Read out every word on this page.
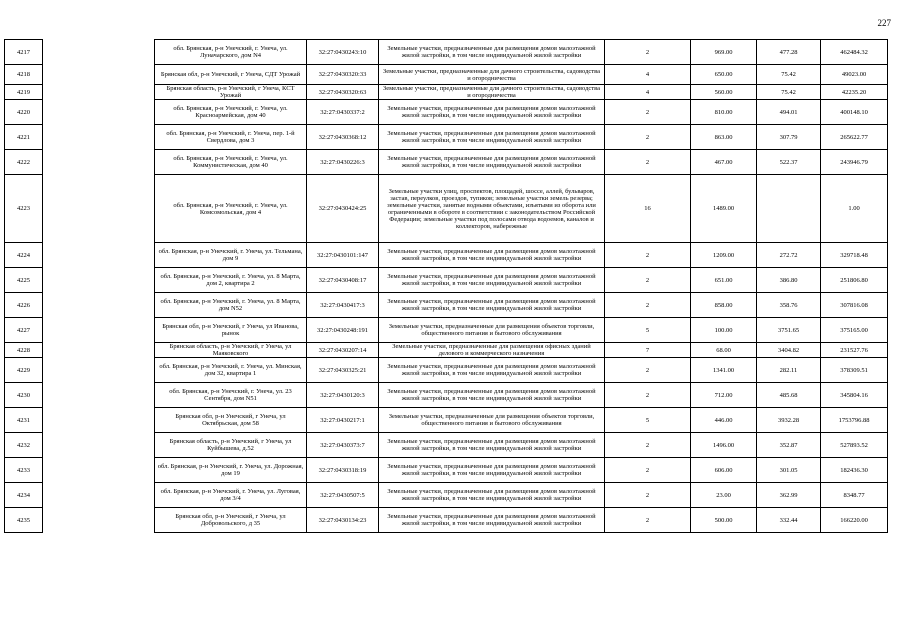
227
4217		обл. Брянская, р-н Унечский, г. Унеча, ул. Луначарского, дом N4	32:27:0430243:10	Земельные участки, предназначенные для размещения домов малоэтажной жилой застройки, в том числе индивидуальной жилой застройки	2	969.00	477.28	462484.32
4218		Брянская обл, р-н Унечский, г Унеча, СДТ Урожай	32:27:0430320:33	Земельные участки, предназначенные для дачного строительства, садоводства и огородничества	4	650.00	75.42	49023.00
4219		Брянская область, р-н Унечский, г Унеча, КСТ Урожай	32:27:0430320:63	Земельные участки, предназначенные для дачного строительства, садоводства и огородничества	4	560.00	75.42	42235.20
4220		обл. Брянская, р-н Унечский, г. Унеча, ул. Красноармейская, дом 40	32:27:0430337:2	Земельные участки, предназначенные для размещения домов малоэтажной жилой застройки, в том числе индивидуальной жилой застройки	2	810.00	494.01	400148.10
4221		обл. Брянская, р-н Унечский, г. Унеча, пер. 1-й Свердлова, дом 3	32:27:0430368:12	Земельные участки, предназначенные для размещения домов малоэтажной жилой застройки, в том числе индивидуальной жилой застройки	2	863.00	307.79	265622.77
4222		обл. Брянская, р-н Унечский, г. Унеча, ул. Коммунистическая, дом 40	32:27:0430226:3	Земельные участки, предназначенные для размещения домов малоэтажной жилой застройки, в том числе индивидуальной жилой застройки	2	467.00	522.37	243946.79
4223		обл. Брянская, р-н Унечский, г. Унеча, ул. Комсомольская, дом 4	32:27:0430424:25	Земельные участки улиц, проспектов, площадей, шоссе, аллей, бульваров, застав, переулков, проездов, тупиков; земельные участки земель резерва; земельные участки, занятые водными объектами, изъятыми из оборота или ограниченными в обороте в соответствии с законодательством Российской Федерации; земельные участки под полосами отвода водоемов, каналов и коллекторов, набережные	16	1489.00		1.00
4224		обл. Брянская, р-н Унечский, г. Унеча, ул. Тельмана, дом 9	32:27:0430101:147	Земельные участки, предназначенные для размещения домов малоэтажной жилой застройки, в том числе индивидуальной жилой застройки	2	1209.00	272.72	329718.48
4225		обл. Брянская, р-н Унечский, г. Унеча, ул. 8 Марта, дом 2, квартира 2	32:27:0430408:17	Земельные участки, предназначенные для размещения домов малоэтажной жилой застройки, в том числе индивидуальной жилой застройки	2	651.00	386.80	251806.80
4226		обл. Брянская, р-н Унечский, г. Унеча, ул. 8 Марта, дом N52	32:27:0430417:3	Земельные участки, предназначенные для размещения домов малоэтажной жилой застройки, в том числе индивидуальной жилой застройки	2	858.00	358.76	307816.08
4227		Брянская обл, р-н Унечский, г Унеча, ул Иванова, рынок	32:27:0430248:191	Земельные участки, предназначенные для размещения объектов торговли, общественного питания и бытового обслуживания	5	100.00	3751.65	375165.00
4228		Брянская область, р-н Унечский, г Унеча, ул Маяковского	32:27:0430207:14	Земельные участки, предназначенные для размещения офисных зданий делового и коммерческого назначения	7	68.00	3404.82	231527.76
4229		обл. Брянская, р-н Унечский, г. Унеча, ул. Минская, дом 32, квартира 1	32:27:0430325:21	Земельные участки, предназначенные для размещения домов малоэтажной жилой застройки, в том числе индивидуальной жилой застройки	2	1341.00	282.11	378309.51
4230		обл. Брянская, р-н Унечский, г. Унеча, ул. 23 Сентября, дом N51	32:27:0430120:3	Земельные участки, предназначенные для размещения домов малоэтажной жилой застройки, в том числе индивидуальной жилой застройки	2	712.00	485.68	345804.16
4231		Брянская обл, р-н Унечский, г Унеча, ул Октябрьская, дом 58	32:27:0430217:1	Земельные участки, предназначенные для размещения объектов торговли, общественного питания и бытового обслуживания	5	446.00	3932.28	1753796.88
4232		Брянская область, р-н Унечский, г Унеча, ул Куйбышева, д.52	32:27:0430373:7	Земельные участки, предназначенные для размещения домов малоэтажной жилой застройки, в том числе индивидуальной жилой застройки	2	1496.00	352.87	527893.52
4233		обл. Брянская, р-н Унечский, г. Унеча, ул. Дорожная, дом 19	32:27:0430318:19	Земельные участки, предназначенные для размещения домов малоэтажной жилой застройки, в том числе индивидуальной жилой застройки	2	606.00	301.05	182436.30
4234		обл. Брянская, р-н Унечский, г. Унеча, ул. Луговая, дом 3/4	32:27:0430507:5	Земельные участки, предназначенные для размещения домов малоэтажной жилой застройки, в том числе индивидуальной жилой застройки	2	23.00	362.99	8348.77
4235		Брянская обл, р-н Унечский, г Унеча, ул Добровольского, д 35	32:27:0430134:23	Земельные участки, предназначенные для размещения домов малоэтажной жилой застройки, в том числе индивидуальной жилой застройки	2	500.00	332.44	166220.00
